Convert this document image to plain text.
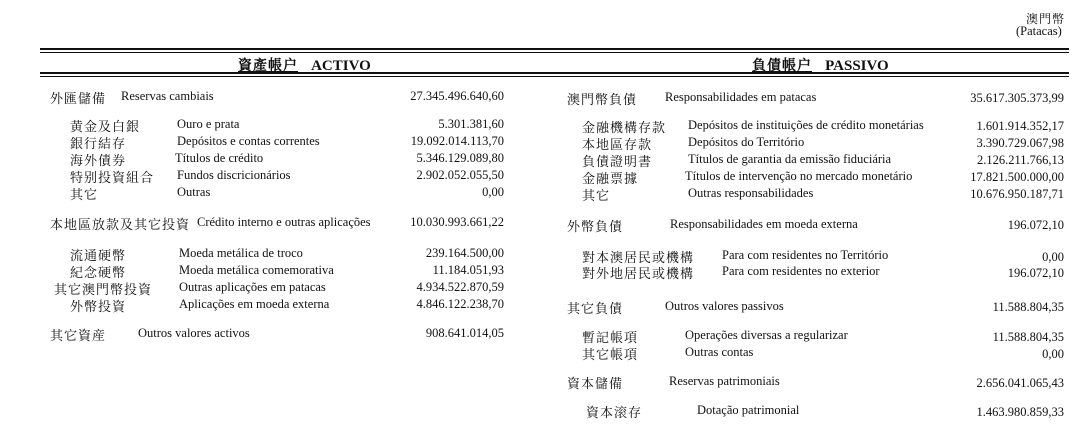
澳門幣
(Patacas)
資產帳户 ACTIVO	負債帳户 PASSIVO
外匯儲備 Reservas cambiais	27.345.496.640,60
黄金及白銀	Ouro e prata	5.301.381,60
銀行結存	Depósitos e contas correntes	19.092.014.113,70
海外債券	Títulos de crédito	5.346.129.089,80
特别投資組合 Fundos discricionários	2.902.052.055,50
其它	Outras	0,00
本地區放款及其它投資 Crédito interno e outras aplicações	10.030.993.661,22
流通硬幣	Moeda metálica de troco	239.164.500,00
紀念硬幣	Moeda metálica comemorativa	11.184.051,93
其它澳門幣投資 Outras aplicações em patacas	4.934.522.870,59
外幣投資	Aplicações em moeda externa	4.846.122.238,70
其它資産	Outros valores activos	908.641.014,05
澳門幣負債 Responsabilidades em patacas	35.617.305.373,99
金融機構存款 Depósitos de instituições de crédito monetárias	1.601.914.352,17
本地區存款	Depósitos do Território	3.390.729.067,98
負債證明書	Títulos de garantia da emissão fiduciária	2.126.211.766,13
金融票據	Títulos de intervenção no mercado monetário	17.821.500.000,00
其它	Outras responsabilidades	10.676.950.187,71
外幣負債	Responsabilidades em moeda externa	196.072,10
對本澳居民或機構 Para com residentes no Território	0,00
對外地居民或機構 Para com residentes no exterior	196.072,10
其它負債	Outros valores passivos	11.588.804,35
暫記帳項	Operações diversas a regularizar	11.588.804,35
其它帳項	Outras contas	0,00
資本儲備	Reservas patrimoniais	2.656.041.065,43
資本滚存	Dotação patrimonial	1.463.980.859,33
